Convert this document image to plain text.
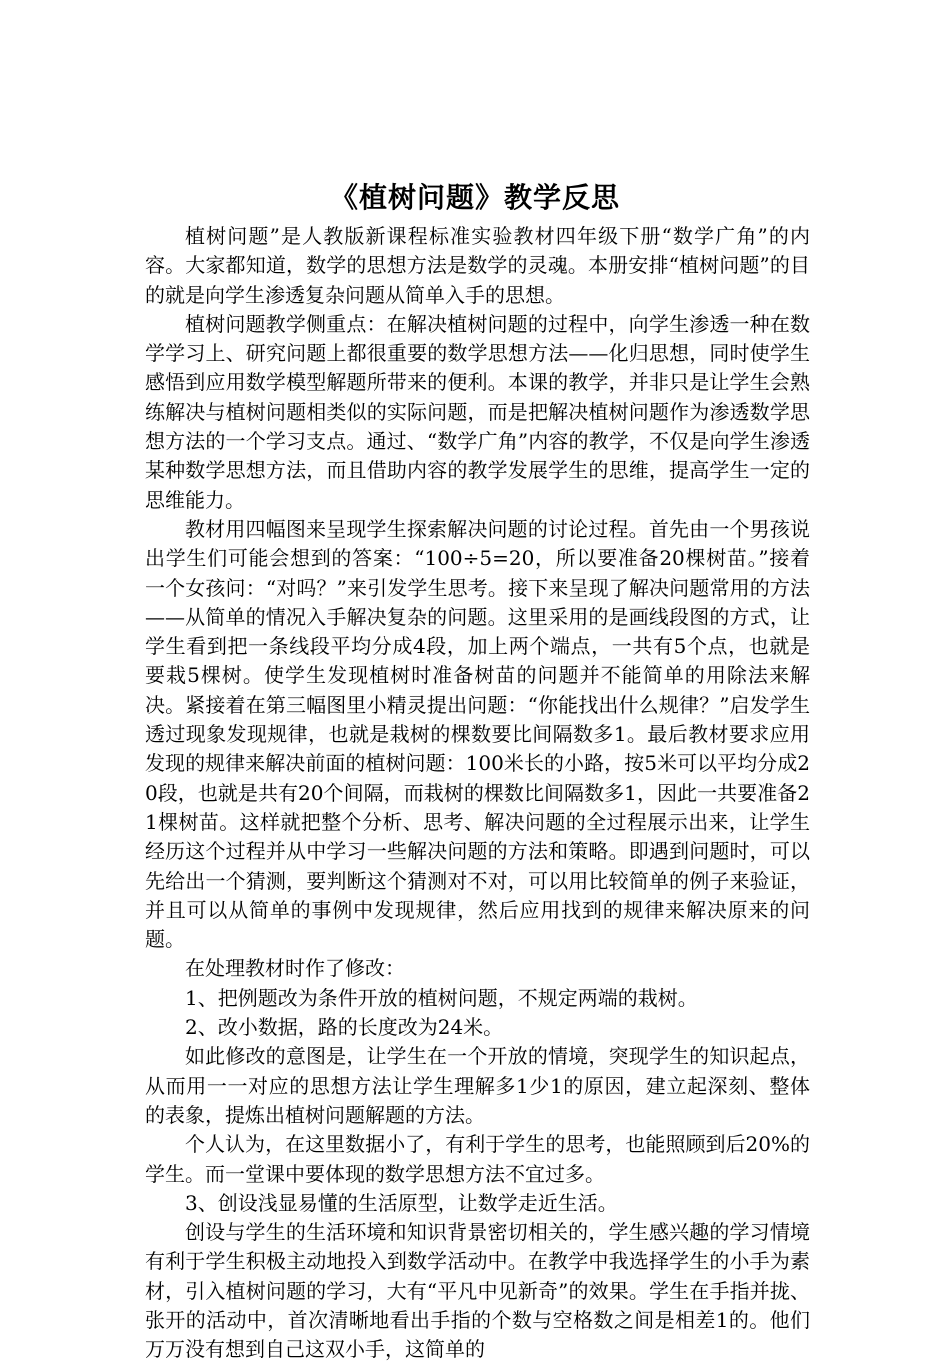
《植树问题》教学反思

植树问题”是人教版新课程标准实验教材四年级下册“数学广角”的内容。大家都知道，数学的思想方法是数学的灵魂。本册安排“植树问题”的目的就是向学生渗透复杂问题从简单入手的思想。

植树问题教学侧重点：在解决植树问题的过程中，向学生渗透一种在数学学习上、研究问题上都很重要的数学思想方法——化归思想，同时使学生感悟到应用数学模型解题所带来的便利。本课的教学，并非只是让学生会熟练解决与植树问题相类似的实际问题，而是把解决植树问题作为渗透数学思想方法的一个学习支点。通过、“数学广角”内容的教学，不仅是向学生渗透某种数学思想方法，而且借助内容的教学发展学生的思维，提高学生一定的思维能力。

教材用四幅图来呈现学生探索解决问题的讨论过程。首先由一个男孩说出学生们可能会想到的答案：“100÷5=20，所以要准备20棵树苗。”接着一个女孩问：“对吗？”来引发学生思考。接下来呈现了解决问题常用的方法——从简单的情况入手解决复杂的问题。这里采用的是画线段图的方式，让学生看到把一条线段平均分成4段，加上两个端点，一共有5个点，也就是要栽5棵树。使学生发现植树时准备树苗的问题并不能简单的用除法来解决。紧接着在第三幅图里小精灵提出问题：“你能找出什么规律？”启发学生透过现象发现规律，也就是栽树的棵数要比间隔数多1。最后教材要求应用发现的规律来解决前面的植树问题：100米长的小路，按5米可以平均分成20段，也就是共有20个间隔，而栽树的棵数比间隔数多1，因此一共要准备21棵树苗。这样就把整个分析、思考、解决问题的全过程展示出来，让学生经历这个过程并从中学习一些解决问题的方法和策略。即遇到问题时，可以先给出一个猜测，要判断这个猜测对不对，可以用比较简单的例子来验证，并且可以从简单的事例中发现规律，然后应用找到的规律来解决原来的问题。

在处理教材时作了修改：

1、把例题改为条件开放的植树问题，不规定两端的栽树。

2、改小数据，路的长度改为24米。

如此修改的意图是，让学生在一个开放的情境，突现学生的知识起点，从而用一一对应的思想方法让学生理解多1少1的原因，建立起深刻、整体的表象，提炼出植树问题解题的方法。

个人认为，在这里数据小了，有利于学生的思考，也能照顾到后20%的学生。而一堂课中要体现的数学思想方法不宜过多。

3、创设浅显易懂的生活原型，让数学走近生活。

创设与学生的生活环境和知识背景密切相关的，学生感兴趣的学习情境有利于学生积极主动地投入到数学活动中。在教学中我选择学生的小手为素材，引入植树问题的学习，大有“平凡中见新奇”的效果。学生在手指并拢、张开的活动中，首次清晰地看出手指的个数与空格数之间是相差1的。他们万万没有想到自己这双小手，这简单的
